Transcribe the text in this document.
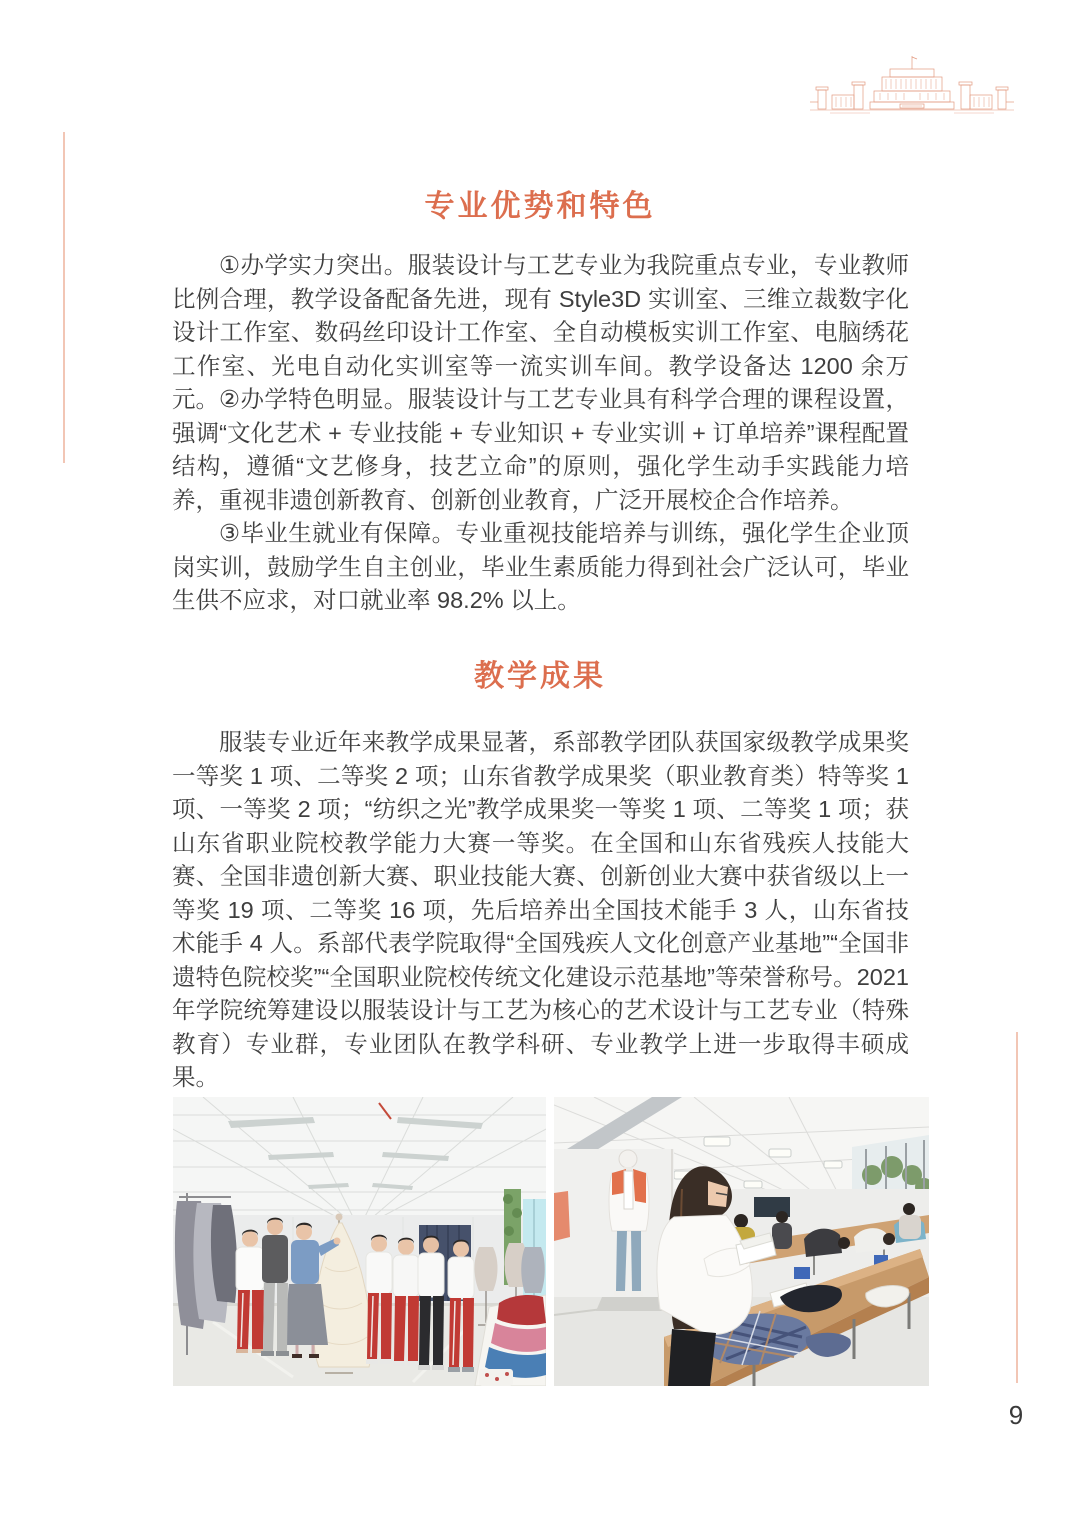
专业优势和特色

①办学实力突出。服装设计与工艺专业为我院重点专业，专业教师比例合理，教学设备配备先进，现有 Style3D 实训室、三维立裁数字化设计工作室、数码丝印设计工作室、全自动模板实训工作室、电脑绣花工作室、光电自动化实训室等一流实训车间。教学设备达 1200 余万元。 ②办学特色明显。服装设计与工艺专业具有科学合理的课程设置，强调“文化艺术 + 专业技能 + 专业知识 + 专业实训 + 订单培养”课程配置结构，遵循“文艺修身，技艺立命”的原则，强化学生动手实践能力培养，重视非遗创新教育、创新创业教育，广泛开展校企合作培养。

③毕业生就业有保障。专业重视技能培养与训练，强化学生企业顶岗实训，鼓励学生自主创业，毕业生素质能力得到社会广泛认可，毕业生供不应求，对口就业率 98.2% 以上。

教学成果

服装专业近年来教学成果显著，系部教学团队获国家级教学成果奖一等奖 1 项、二等奖 2 项；山东省教学成果奖（职业教育类）特等奖 1 项、一等奖 2 项；“纺织之光”教学成果奖一等奖 1 项、二等奖 1 项；获山东省职业院校教学能力大赛一等奖。在全国和山东省残疾人技能大赛、全国非遗创新大赛、职业技能大赛、创新创业大赛中获省级以上一等奖 19 项、二等奖 16 项，先后培养出全国技术能手 3 人，山东省技术能手 4 人。系部代表学院取得“全国残疾人文化创意产业基地”“全国非遗特色院校奖”“全国职业院校传统文化建设示范基地”等荣誉称号。2021 年学院统筹建设以服装设计与工艺为核心的艺术设计与工艺专业（特殊教育）专业群，专业团队在教学科研、专业教学上进一步取得丰硕成果。

9
